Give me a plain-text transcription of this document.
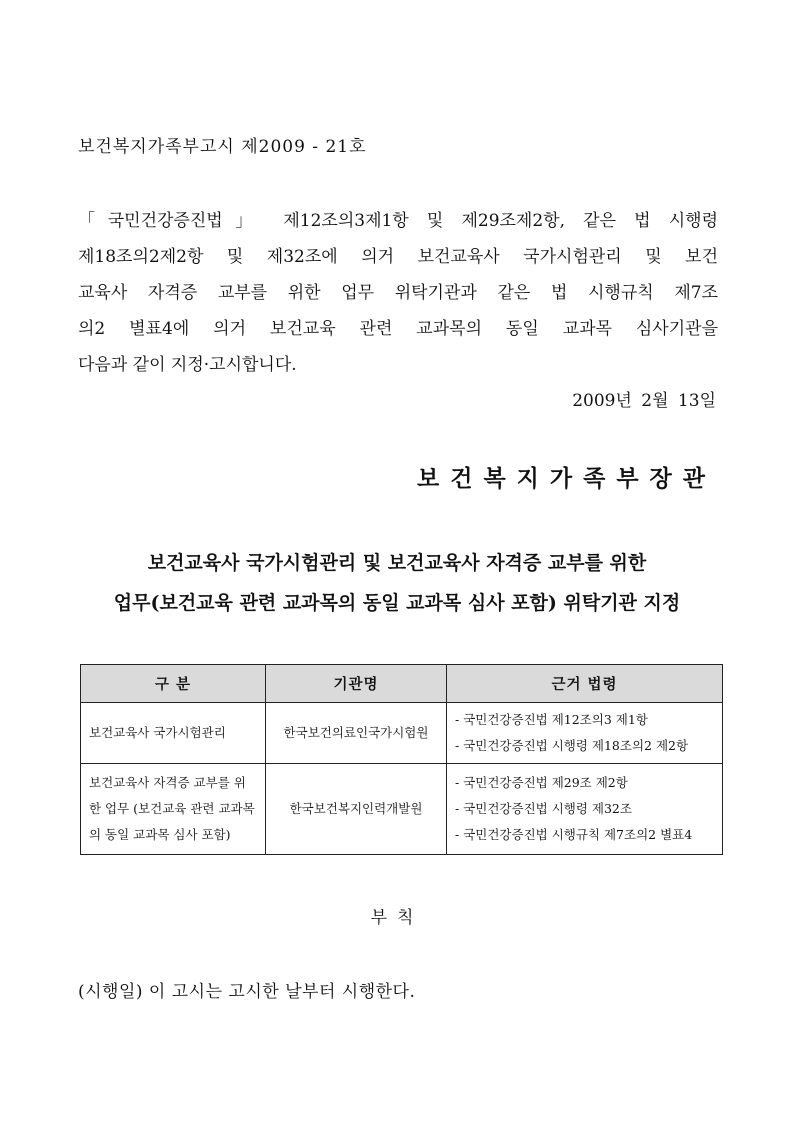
보건복지가족부고시 제2009 - 21호
「국민건강증진법」 제12조의3제1항 및 제29조제2항, 같은 법 시행령
제18조의2제2항 및 제32조에 의거 보건교육사 국가시험관리 및 보건
교육사 자격증 교부를 위한 업무 위탁기관과 같은 법 시행규칙 제7조
의2 별표4에 의거 보건교육 관련 교과목의 동일 교과목 심사기관을
다음과 같이 지정·고시합니다.
2009년 2월 13일
보건복지가족부장관
보건교육사 국가시험관리 및 보건교육사 자격증 교부를 위한
업무(보건교육 관련 교과목의 동일 교과목 심사 포함) 위탁기관 지정
구 분	기관명	근거 법령
보건교육사 국가시험관리	한국보건의료인국가시험원	- 국민건강증진법 제12조의3 제1항
- 국민건강증진법 시행령 제18조의2 제2항

보건교육사 자격증 교부를 위한 업무 (보건교육 관련 교과목의 동일 교과목 심사 포함)	한국보건복지인력개발원	- 국민건강증진법 제29조 제2항
- 국민건강증진법 시행령 제32조
- 국민건강증진법 시행규칙 제7조의2 별표4
부칙
(시행일) 이 고시는 고시한 날부터 시행한다.
